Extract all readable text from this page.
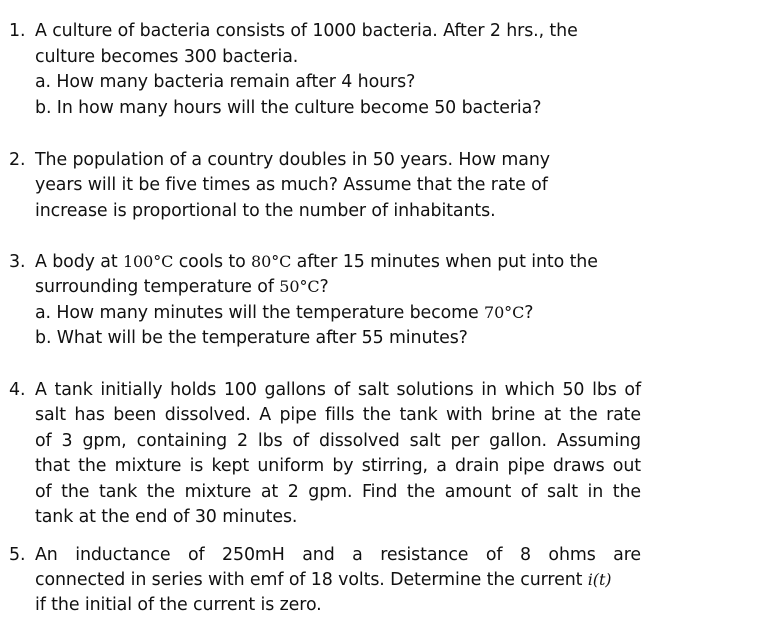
1. A culture of bacteria consists of 1000 bacteria. After 2 hrs., the
culture becomes 300 bacteria.
a. How many bacteria remain after 4 hours?
b. In how many hours will the culture become 50 bacteria?
2. The population of a country doubles in 50 years. How many
years will it be five times as much? Assume that the rate of
increase is proportional to the number of inhabitants.
3. A body at 100°C cools to 80°C after 15 minutes when put into the
surrounding temperature of 50°C?
a. How many minutes will the temperature become 70°C?
b. What will be the temperature after 55 minutes?
4. A tank initially holds 100 gallons of salt solutions in which 50 lbs of
salt has been dissolved. A pipe fills the tank with brine at the rate
of 3 gpm, containing 2 lbs of dissolved salt per gallon. Assuming
that the mixture is kept uniform by stirring, a drain pipe draws out
of the tank the mixture at 2 gpm. Find the amount of salt in the
tank at the end of 30 minutes.
5. An inductance of 250mH and a resistance of 8 ohms are
connected in series with emf of 18 volts. Determine the current i(t)
if the initial of the current is zero.
